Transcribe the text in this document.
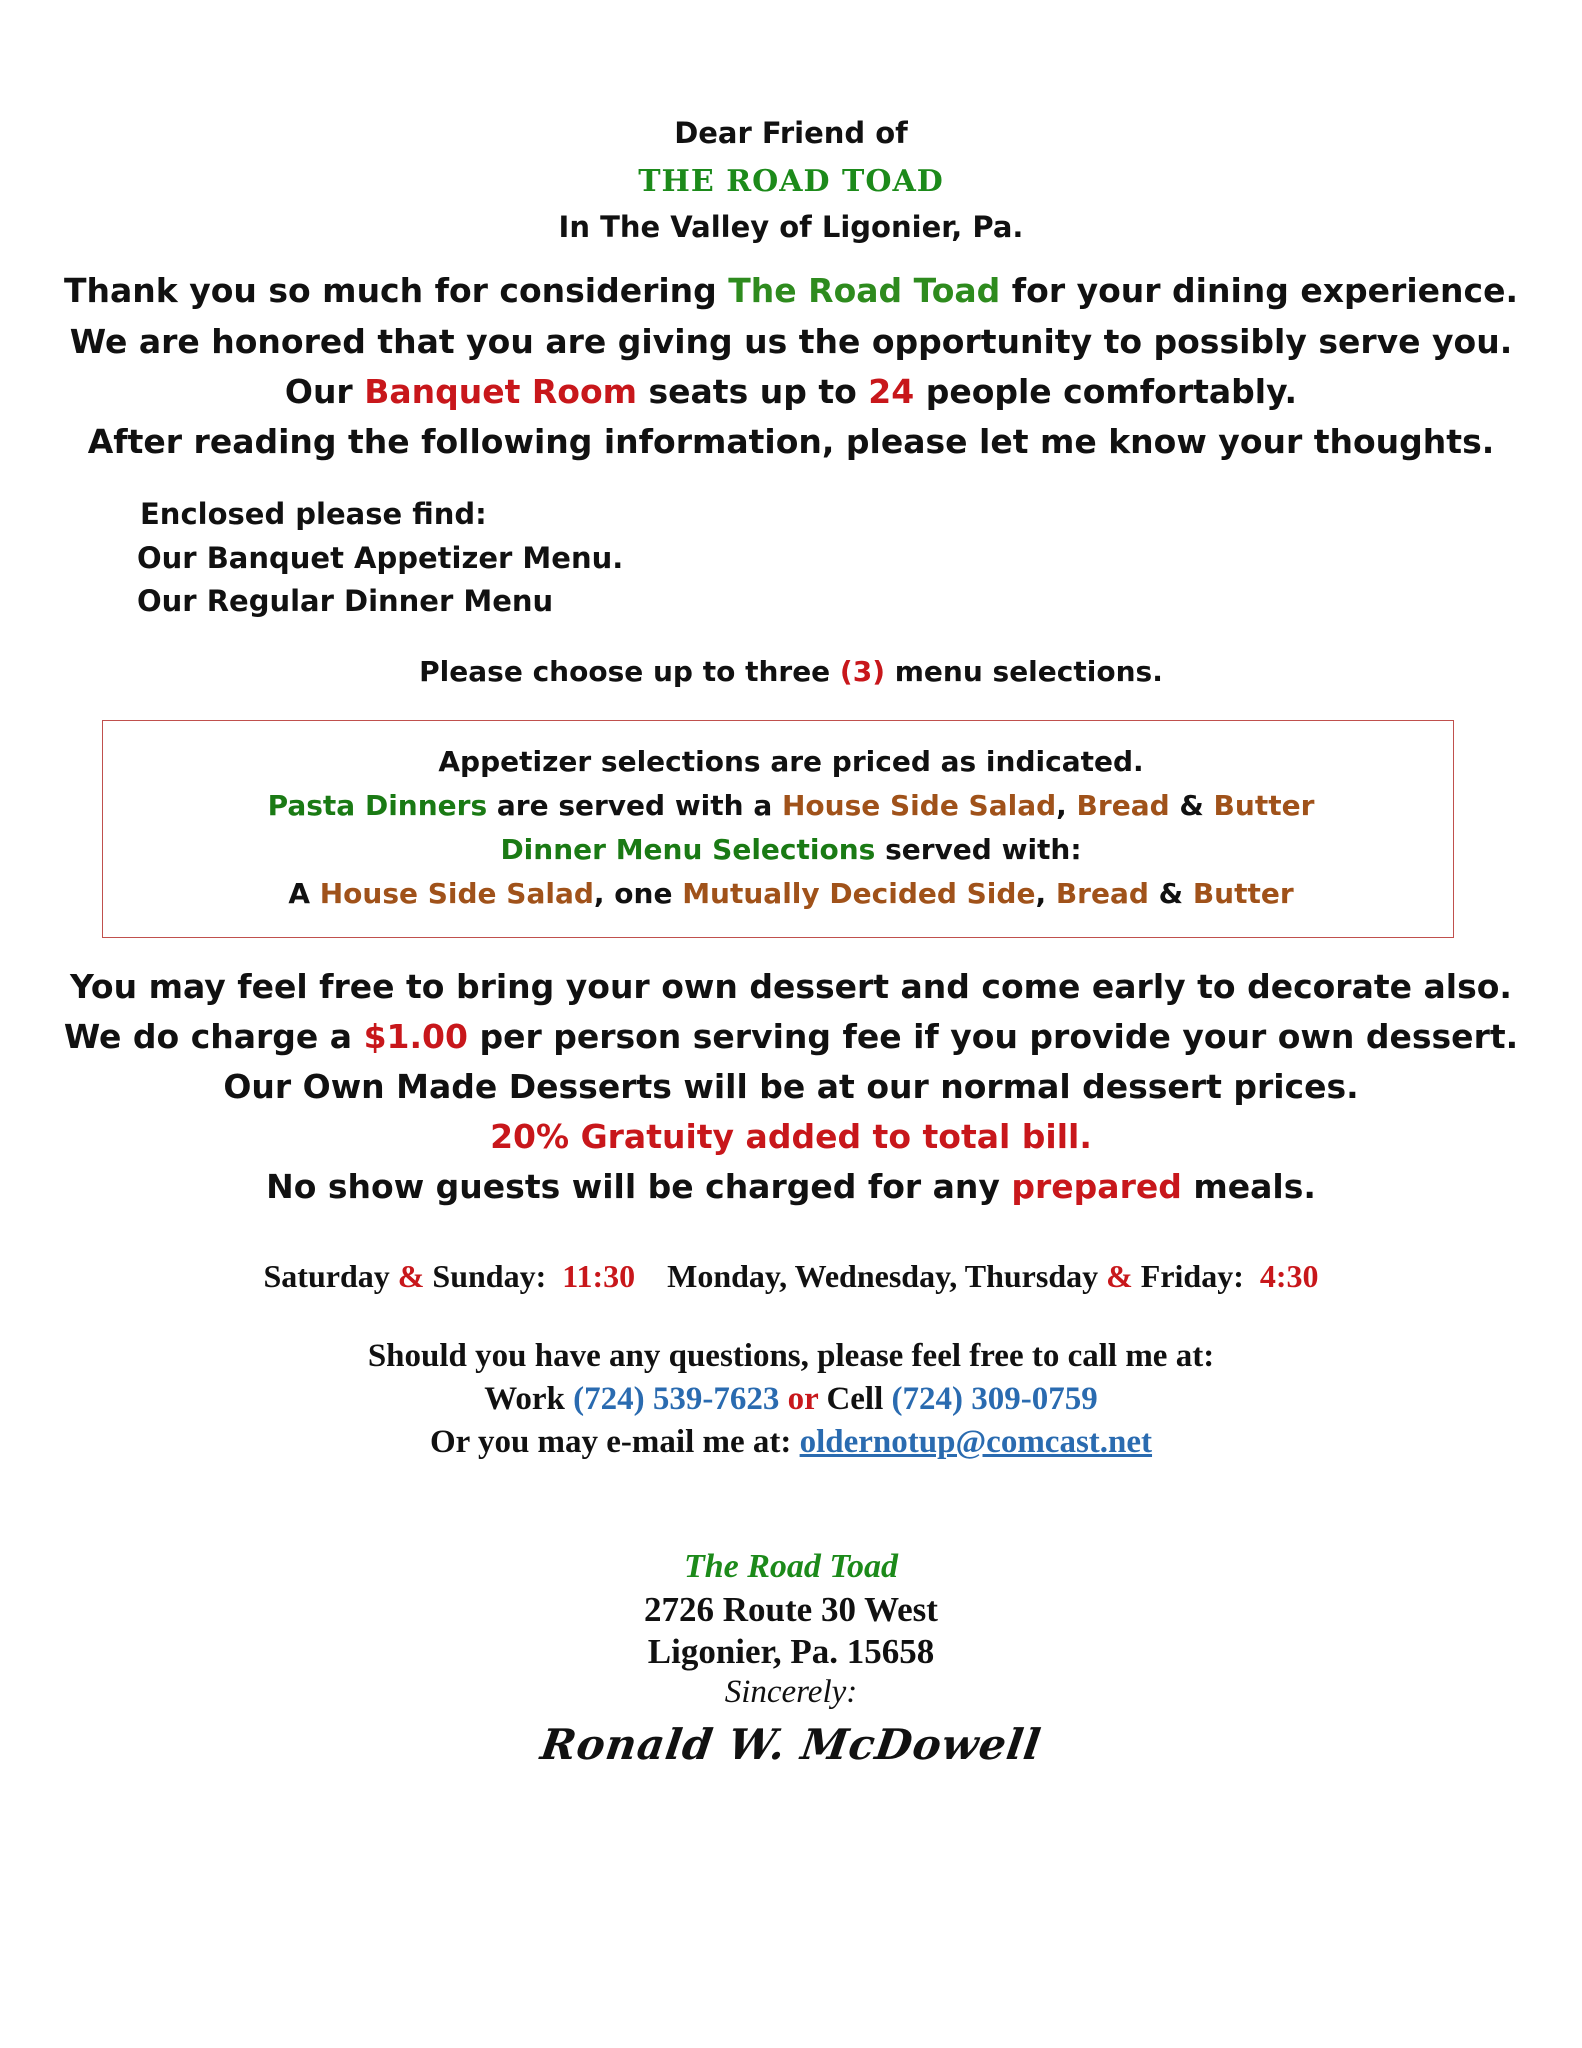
Dear Friend of
THE ROAD TOAD
In The Valley of Ligonier, Pa.
Thank you so much for considering The Road Toad for your dining experience.
We are honored that you are giving us the opportunity to possibly serve you.
Our Banquet Room seats up to 24 people comfortably.
After reading the following information, please let me know your thoughts.
Enclosed please find:
Our Banquet Appetizer Menu.
Our Regular Dinner Menu
Please choose up to three (3) menu selections.
Appetizer selections are priced as indicated.
Pasta Dinners are served with a House Side Salad, Bread & Butter
Dinner Menu Selections served with:
A House Side Salad, one Mutually Decided Side, Bread & Butter
You may feel free to bring your own dessert and come early to decorate also.
We do charge a $1.00 per person serving fee if you provide your own dessert.
Our Own Made Desserts will be at our normal dessert prices.
20% Gratuity added to total bill.
No show guests will be charged for any prepared meals.
Saturday & Sunday:  11:30    Monday, Wednesday, Thursday & Friday:  4:30
Should you have any questions, please feel free to call me at:
Work (724) 539-7623 or Cell (724) 309-0759
Or you may e-mail me at: oldernotup@comcast.net
The Road Toad
2726 Route 30 West
Ligonier, Pa. 15658
Sincerely:
Ronald W. McDowell
